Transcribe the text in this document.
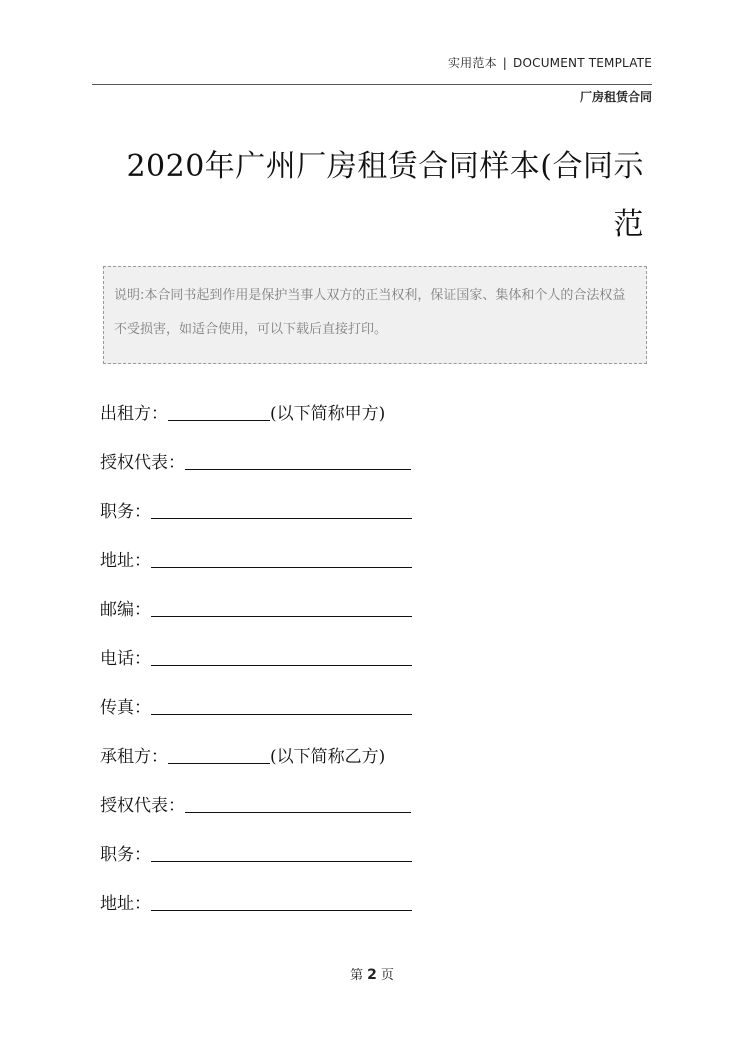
实用范本 | DOCUMENT TEMPLATE
厂房租赁合同
2020年广州厂房租赁合同样本(合同示范

说明:本合同书起到作用是保护当事人双方的正当权利，保证国家、集体和个人的合法权益不受损害，如适合使用，可以下载后直接打印。

出租方：	(以下简称甲方)
授权代表：
职务：
地址：
邮编：
电话：
传真：
承租方：	(以下简称乙方)
授权代表：
职务：
地址：
第 2 页
